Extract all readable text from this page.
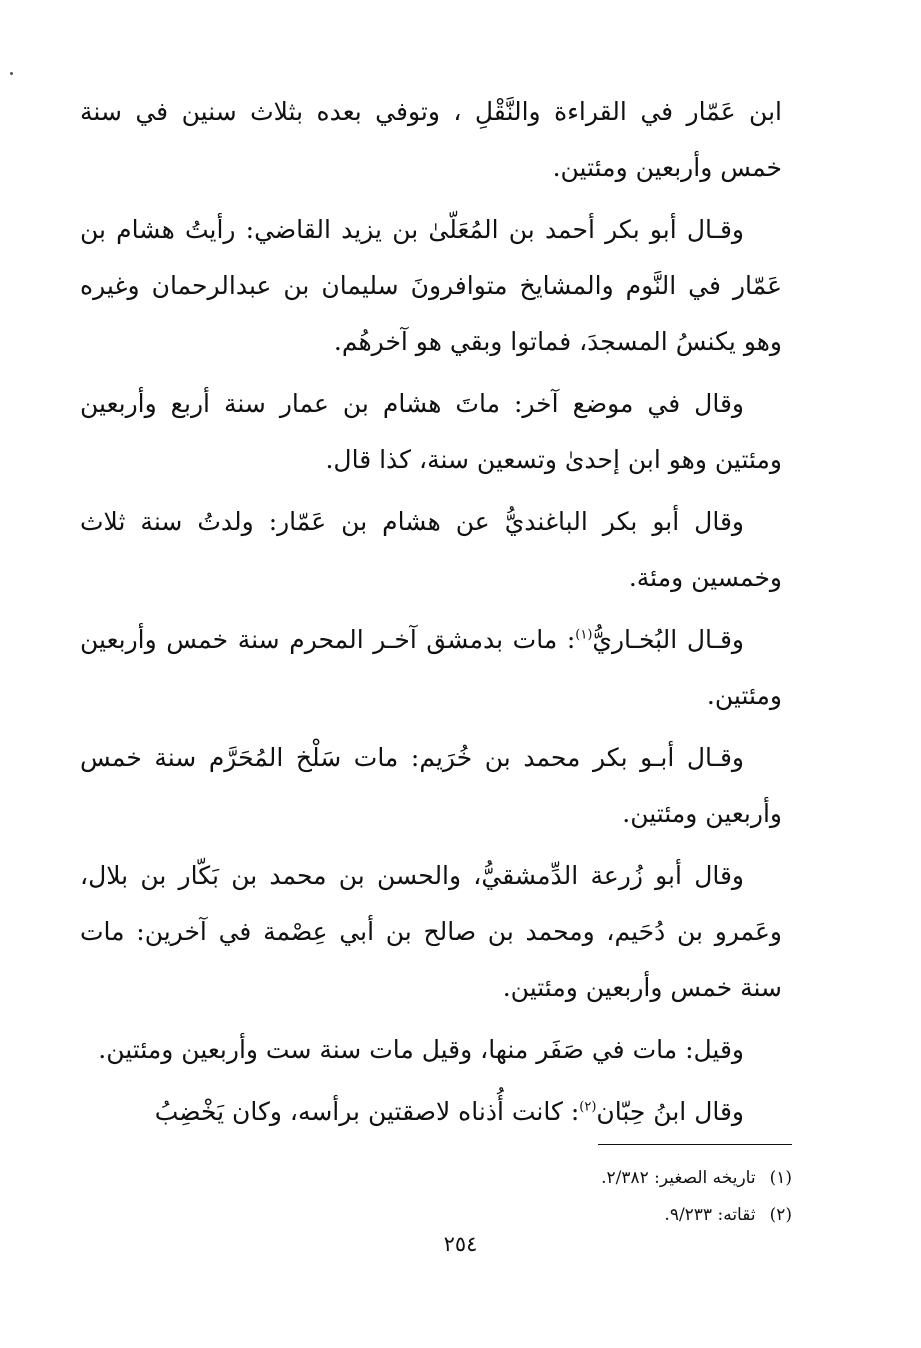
ابن عَمّار في القراءة والنَّقْلِ ، وتوفي بعده بثلاث سنين في سنة خمس وأربعين ومئتين.

وقـال أبو بكر أحمد بن المُعَلّىٰ بن يزيد القاضي: رأيتُ هشام بن عَمّار في النَّوم والمشايخ متوافرونَ سليمان بن عبدالرحمان وغيره وهو يكنسُ المسجدَ، فماتوا وبقي هو آخرهُم.

وقال في موضع آخر: ماتَ هشام بن عمار سنة أربع وأربعين ومئتين وهو ابن إحدىٰ وتسعين سنة، كذا قال.

وقال أبو بكر الباغنديُّ عن هشام بن عَمّار: ولدتُ سنة ثلاث وخمسين ومئة.

وقـال البُخـاريُّ$^{(١)}$: مات بدمشق آخـر المحرم سنة خمس وأربعين ومئتين.

وقـال أبـو بكر محمد بن خُرَيم: مات سَلْخ المُحَرَّم سنة خمس وأربعين ومئتين.

وقال أبو زُرعة الدِّمشقيُّ، والحسن بن محمد بن بَكّار بن بلال، وعَمرو بن دُحَيم، ومحمد بن صالح بن أبي عِصْمة في آخرين: مات سنة خمس وأربعين ومئتين.

وقيل: مات في صَفَر منها، وقيل مات سنة ست وأربعين ومئتين.

وقال ابنُ حِبّان$^{(٢)}$: كانت أُذناه لاصقتين برأسه، وكان يَخْضِبُ

(١)تاريخه الصغير: ٢/٣٨٢.

(٢)ثقاته: ٩/٢٣٣.

٢٥٤
